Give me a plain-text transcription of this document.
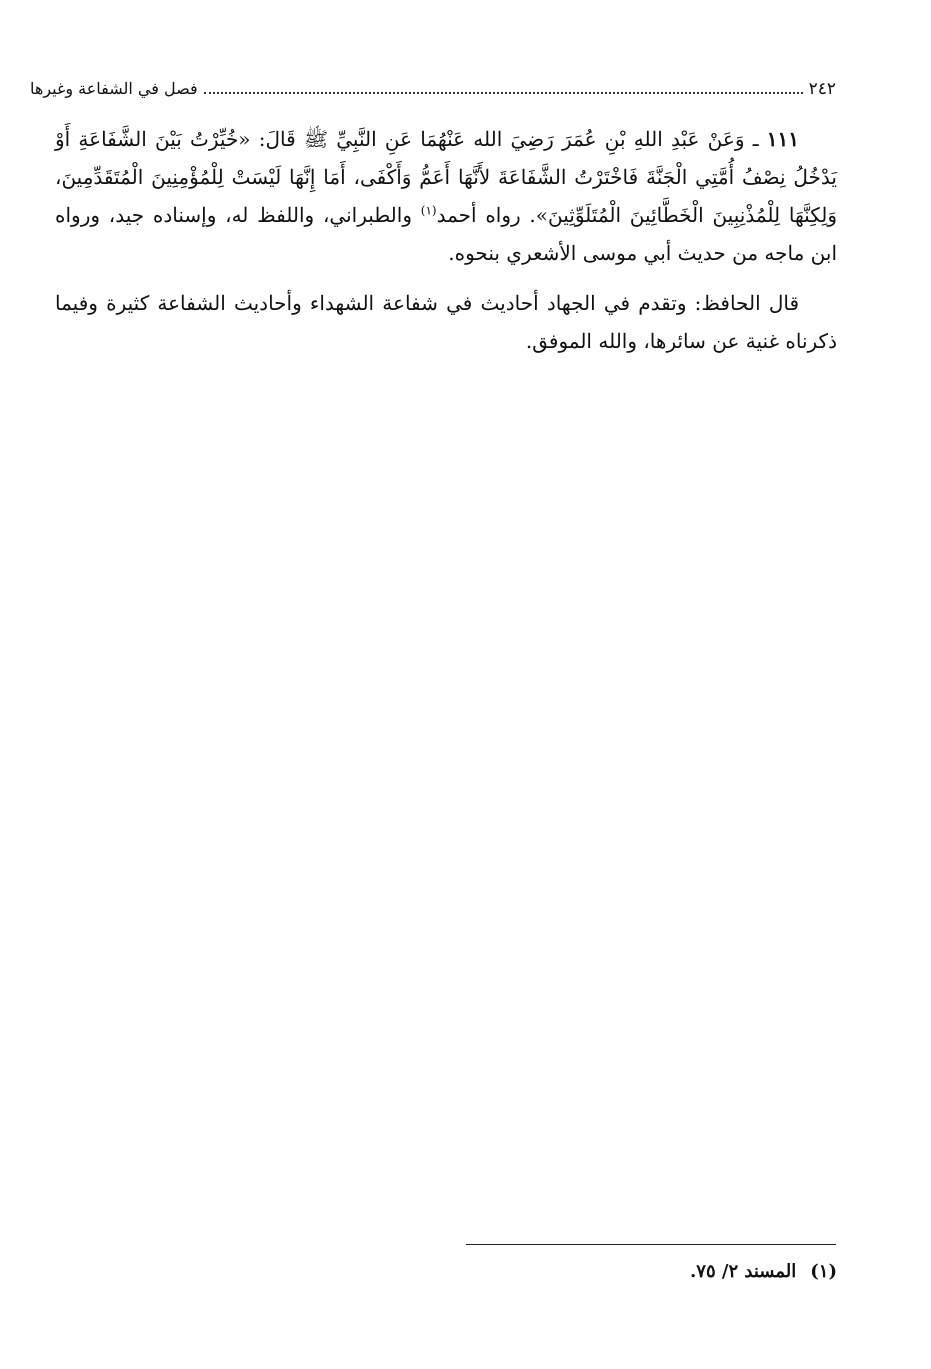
٢٤٢
فصل في الشفاعة وغيرها

١١١ ـ وَعَنْ عَبْدِ اللهِ بْنِ عُمَرَ رَضِيَ الله عَنْهُمَا عَنِ النَّبِيِّ ﷺ قَالَ: «خُيِّرْتُ بَيْنَ الشَّفَاعَةِ أَوْ يَدْخُلُ نِصْفُ أُمَّتِي الْجَنَّةَ فَاخْتَرْتُ الشَّفَاعَةَ لأَنَّهَا أَعَمُّ وَأَكْفَى، أَمَا إِنَّهَا لَيْسَتْ لِلْمُؤْمِنِينَ الْمُتَقَدِّمِينَ، وَلِكِنَّهَا لِلْمُذْنِبِينَ الْخَطَّائِينَ الْمُتَلَوِّثِينَ». رواه أحمد$^{(١)}$ والطبراني، واللفظ له، وإسناده جيد، ورواه ابن ماجه من حديث أبي موسى الأشعري بنحوه.

قال الحافظ: وتقدم في الجهاد أحاديث في شفاعة الشهداء وأحاديث الشفاعة كثيرة وفيما ذكرناه غنية عن سائرها، والله الموفق.

(١)المسند ٢/ ٧٥.
